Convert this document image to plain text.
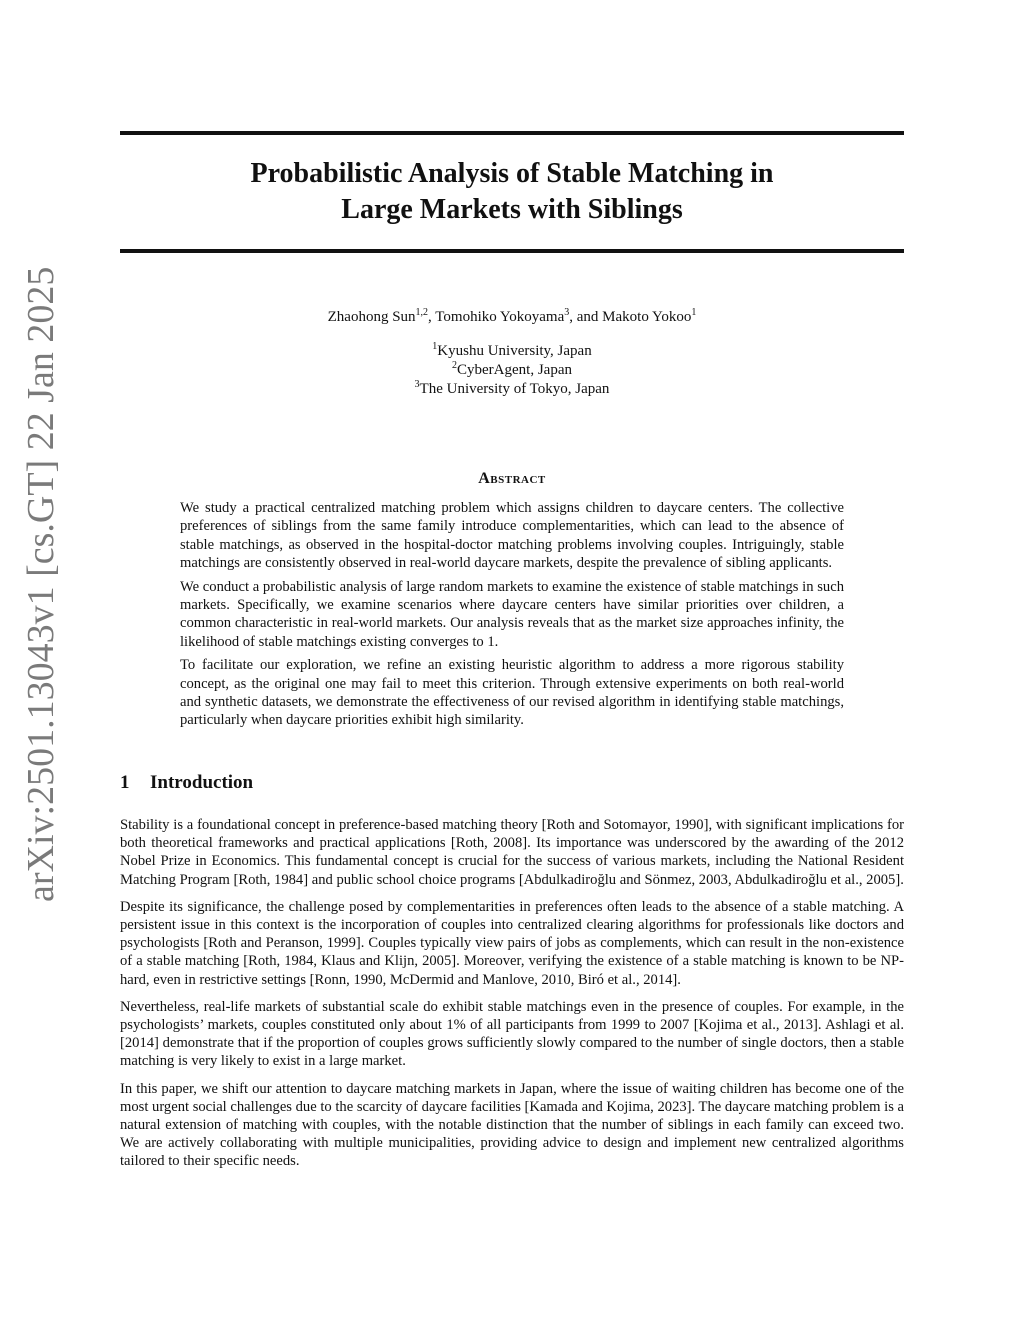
arXiv:2501.13043v1 [cs.GT] 22 Jan 2025
Probabilistic Analysis of Stable Matching in
Large Markets with Siblings
Zhaohong Sun$^{1,2}$, Tomohiko Yokoyama$^3$, and Makoto Yokoo$^1$
$^1$Kyushu University, Japan
$^2$CyberAgent, Japan
$^3$The University of Tokyo, Japan
Abstract

We study a practical centralized matching problem which assigns children to daycare centers. The collective preferences of siblings from the same family introduce complementarities, which can lead to the absence of stable matchings, as observed in the hospital-doctor matching problems involving couples. Intriguingly, stable matchings are consistently observed in real-world daycare markets, despite the prevalence of sibling applicants.

We conduct a probabilistic analysis of large random markets to examine the existence of stable matchings in such markets. Specifically, we examine scenarios where daycare centers have similar priorities over children, a common characteristic in real-world markets. Our analysis reveals that as the market size approaches infinity, the likelihood of stable matchings existing converges to 1.

To facilitate our exploration, we refine an existing heuristic algorithm to address a more rigorous stability concept, as the original one may fail to meet this criterion. Through extensive experiments on both real-world and synthetic datasets, we demonstrate the effectiveness of our revised algorithm in identifying stable matchings, particularly when daycare priorities exhibit high similarity.

1 Introduction

Stability is a foundational concept in preference-based matching theory [Roth and Sotomayor, 1990], with significant implications for both theoretical frameworks and practical applications [Roth, 2008]. Its importance was underscored by the awarding of the 2012 Nobel Prize in Economics. This fundamental concept is crucial for the success of various markets, including the National Resident Matching Program [Roth, 1984] and public school choice programs [Abdulkadiroğlu and Sönmez, 2003, Abdulkadiroğlu et al., 2005].

Despite its significance, the challenge posed by complementarities in preferences often leads to the absence of a stable matching. A persistent issue in this context is the incorporation of couples into centralized clearing algorithms for professionals like doctors and psychologists [Roth and Peranson, 1999]. Couples typically view pairs of jobs as complements, which can result in the non-existence of a stable matching [Roth, 1984, Klaus and Klijn, 2005]. Moreover, verifying the existence of a stable matching is known to be NP-hard, even in restrictive settings [Ronn, 1990, McDermid and Manlove, 2010, Biró et al., 2014].

Nevertheless, real-life markets of substantial scale do exhibit stable matchings even in the presence of couples. For example, in the psychologists’ markets, couples constituted only about 1% of all participants from 1999 to 2007 [Kojima et al., 2013]. Ashlagi et al. [2014] demonstrate that if the proportion of couples grows sufficiently slowly compared to the number of single doctors, then a stable matching is very likely to exist in a large market.

In this paper, we shift our attention to daycare matching markets in Japan, where the issue of waiting children has become one of the most urgent social challenges due to the scarcity of daycare facilities [Kamada and Kojima, 2023]. The daycare matching problem is a natural extension of matching with couples, with the notable distinction that the number of siblings in each family can exceed two. We are actively collaborating with multiple municipalities, providing advice to design and implement new centralized algorithms tailored to their specific needs.
